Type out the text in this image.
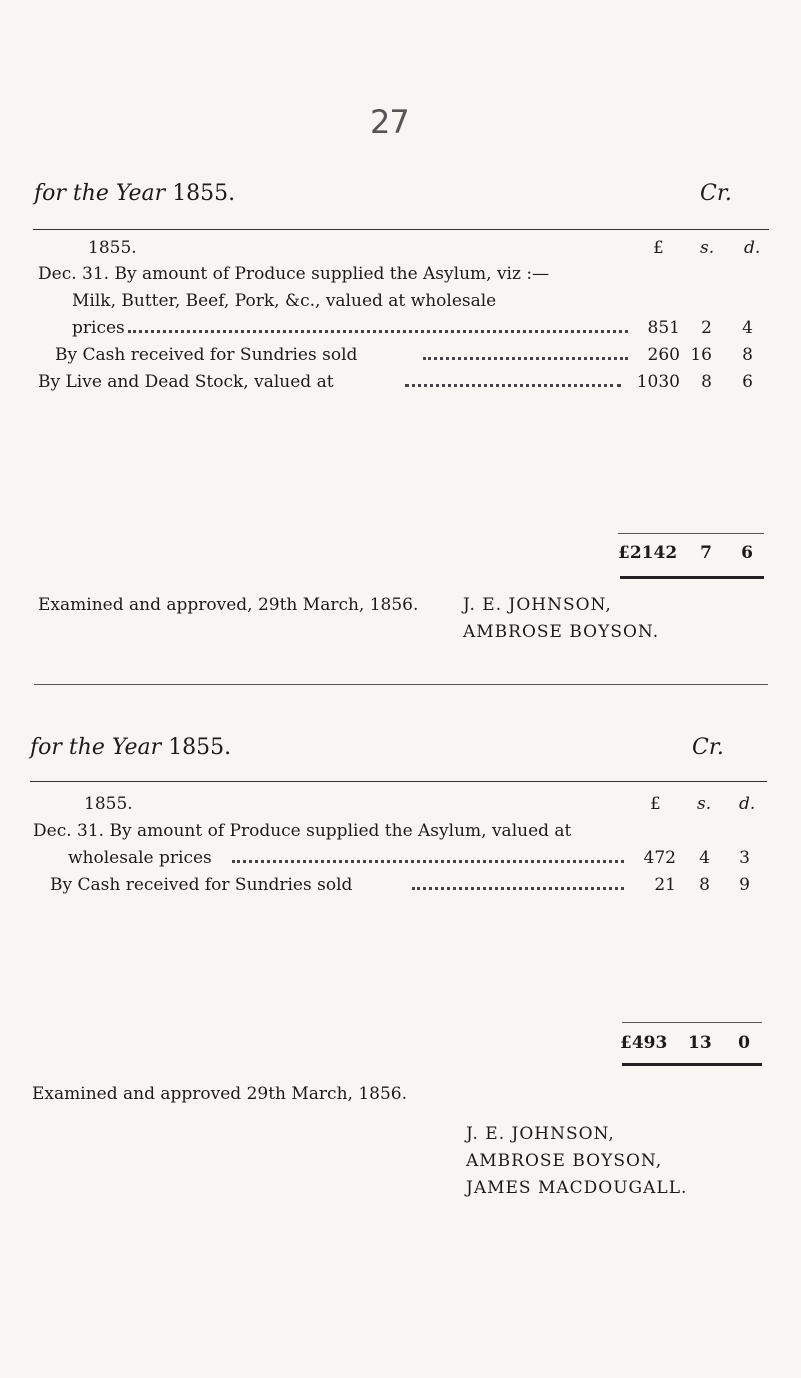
27
for the Year 1855.	Cr.
1855.	£ s. d.
Dec. 31. By amount of Produce supplied the Asylum, viz :—
Milk, Butter, Beef, Pork, &c., valued at wholesale
prices	851	2	4
By Cash received for Sundries sold	260 16	8
By Live and Dead Stock, valued at	1030	8	6
£2142	7 6
Examined and approved, 29th March, 1856.	J. E. JOHNSON,
AMBROSE BOYSON.
for the Year 1855.	Cr.
1855.	£ s. d.
Dec. 31. By amount of Produce supplied the Asylum, valued at
wholesale prices	472	4	3
By Cash received for Sundries sold	21	8	9
£493 13 0
Examined and approved 29th March, 1856.
J. E. JOHNSON,
AMBROSE BOYSON,
JAMES MACDOUGALL.
